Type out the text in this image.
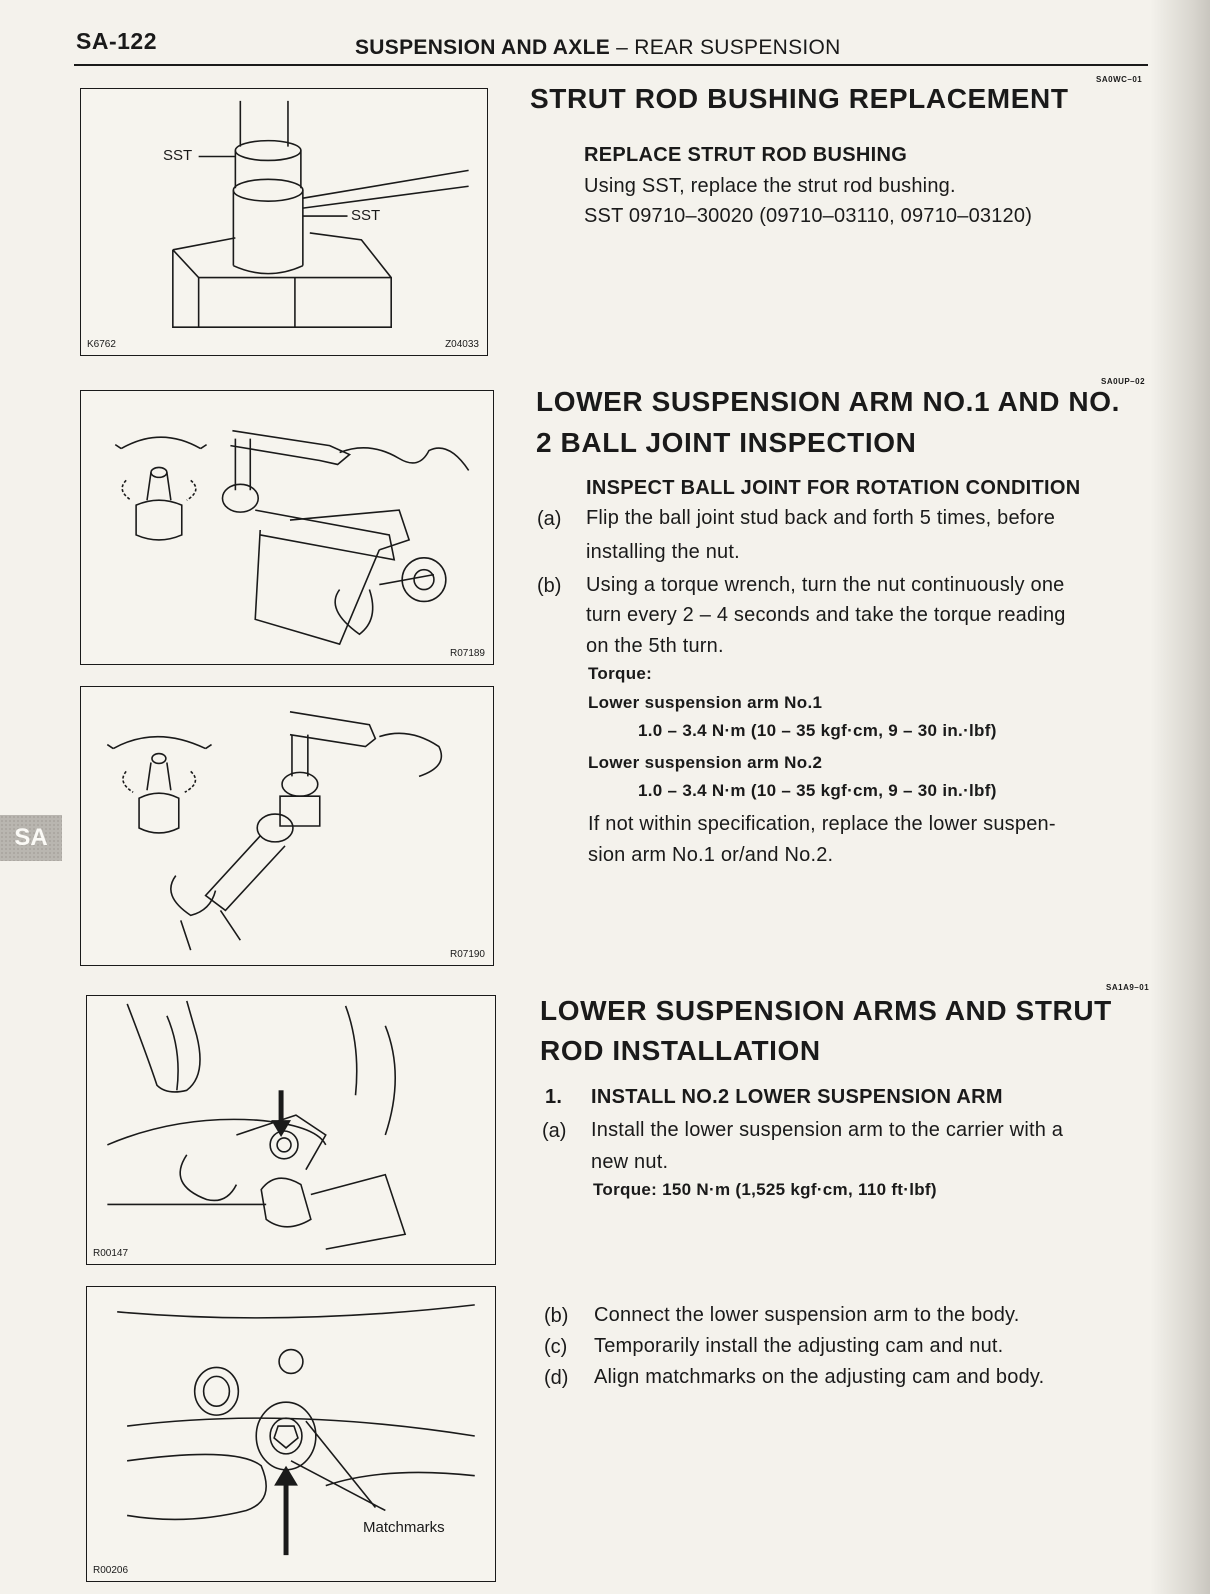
SA-122	SUSPENSION AND AXLE – REAR SUSPENSION
SA
SST
SST
K6762	Z04033
R07189
R07190
R00147
Matchmarks
R00206
SA0WC–01
STRUT ROD BUSHING REPLACEMENT
REPLACE STRUT ROD BUSHING
Using SST, replace the strut rod bushing.
SST 09710–30020 (09710–03110, 09710–03120)
SA0UP–02
LOWER SUSPENSION ARM NO.1 AND NO.
2 BALL JOINT INSPECTION
INSPECT BALL JOINT FOR ROTATION CONDITION
(a) Flip the ball joint stud back and forth 5 times, before
installing the nut.
(b) Using a torque wrench, turn the nut continuously one
turn every 2 – 4 seconds and take the torque reading
on the 5th turn.
Torque:
Lower suspension arm No.1
1.0 – 3.4 N·m (10 – 35 kgf·cm, 9 – 30 in.·lbf)
Lower suspension arm No.2
1.0 – 3.4 N·m (10 – 35 kgf·cm, 9 – 30 in.·lbf)
If not within specification, replace the lower suspen-
sion arm No.1 or/and No.2.
SA1A9–01
LOWER SUSPENSION ARMS AND STRUT
ROD INSTALLATION
1. INSTALL NO.2 LOWER SUSPENSION ARM
(a) Install the lower suspension arm to the carrier with a
new nut.
Torque: 150 N·m (1,525 kgf·cm, 110 ft·lbf)
(b) Connect the lower suspension arm to the body.
(c) Temporarily install the adjusting cam and nut.
(d) Align matchmarks on the adjusting cam and body.
